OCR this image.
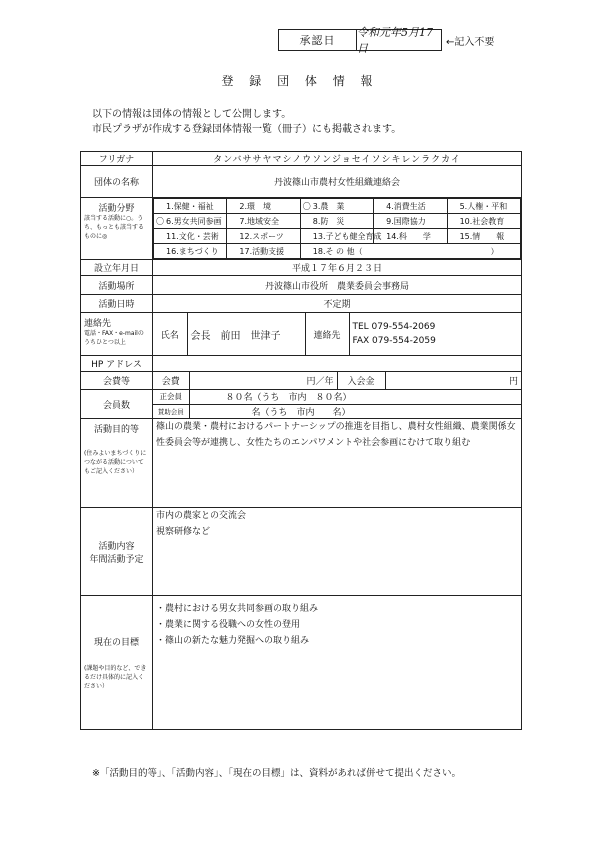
承認日
令和元年5月17日	←記入不要
登 録 団 体 情 報
以下の情報は団体の情報として公開します。
市民プラザが作成する登録団体情報一覧（冊子）にも掲載されます。
フリガナ	タンバササヤマシノウソンジョセイソシキレンラクカイ
団体の名称	丹波篠山市農村女性組織連絡会

活動分野
該当する活動に○。うち、もっとも該当するものに◎

1.保健・福祉	2.環　境	〇 3.農　業	4.消費生活	5.人権・平和
〇 6.男女共同参画	7.地域安全	8.防　災	9.国際協力	10.社会教育
11.文化・芸術	12.スポーツ	13.子ども健全育成	14.科　　学	15.情　　報
16.まちづくり	17.活動支援	18.そ の 他（　　　　　　　　　　　　　　　　）

設立年月日	平成１７年６月２３日
活動場所	丹波篠山市役所　農業委員会事務局
活動日時	不定期

連絡先
電話・FAX・e-mailの うちひとつ以上

氏名	会長　前田　世津子	連絡先	
TEL 079-554-2069
FAX 079-554-2059

HP アドレス	
会費等		会費	円／年	入会金	円

会員数	
正会員	８０名（うち　市内　８０名）
賛助会員	名（うち　市内　　名）

活動目的等
(住みよいまちづくりにつながる活動についてもご記入ください）
	篠山の農業・農村におけるパートナーシップの推進を目指し、農村女性組織、農業関係女性委員会等が連携し、女性たちのエンパワメントや社会参画にむけて取り組む

活動内容
年間活動予定

市内の農家との交流会
視察研修など

現在の目標
(課題や目的など、できるだけ具体的に記入ください）

・農村における男女共同参画の取り組み
・農業に関する役職への女性の登用
・篠山の新たな魅力発掘への取り組み
※「活動目的等」、「活動内容」、「現在の目標」は、資料があれば併せて提出ください。
